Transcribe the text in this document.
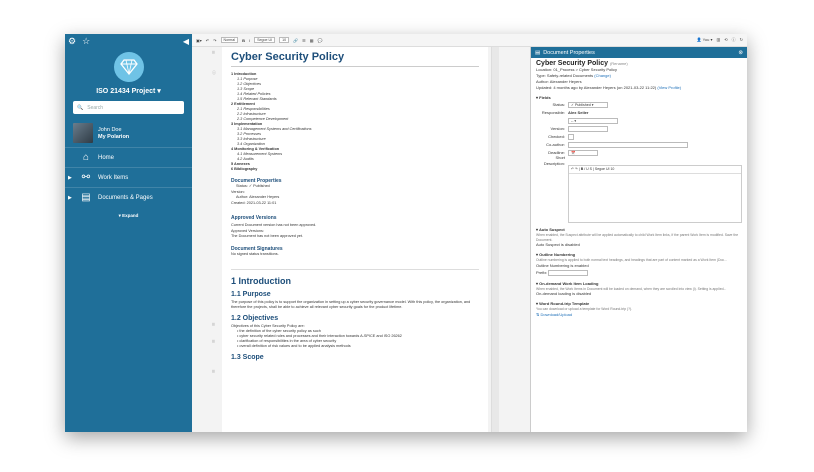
⚙ ☆	◀
ISO 21434 Project ▾
🔍 Search
John Doe
My Polarion
⌂	Home
▶ ⚯	Work Items
▶ ▤ Documents & Pages
▾ Expand
▣▾ ↶ ↷	Normal	B I	Segoe UI	10	🔗 ☰ ▦ 💬	👤 You ▾ ▥ ⟲ ⓘ ↻
⠿
ⓘ
⠿
⠿
⠿
Cyber Security Policy
1 Introduction
1.1 Purpose
1.2 Objectives
1.3 Scope
1.4 Related Policies
1.5 Relevant Standards
2 Entitlement
2.1 Responsibilities
2.2 Infrastructure
2.3 Competence Development
3 Implementation
3.1 Management Systems and Certifications
3.2 Processes
3.3 Infrastructure
3.4 Organization
4 Monitoring & Verification
4.1 Measurement Systems
4.2 Audits
5 Annexes
6 Bibliography
Document Properties
Status: ✓ Published
Version:
Author: Alexander Heyers
Created: 2021-03-22 11:01
Approved Versions
Current Document version has not been approved.
Approved Versions:
The Document has not been approved yet.
Document Signatures
No signed status transitions.
1 Introduction
1.1 Purpose
The purpose of this policy is to support the organization in setting up a cyber security governance model. With this policy, the organization, and therefore the projects, shall be able to achieve all relevant cyber security goals for the product lifetime.
1.2 Objectives
Objectives of this Cyber Security Policy are:
• the definition of the cyber security policy as such
• cyber security related rules and processes and their interaction towards A-SPICE and ISO 26262
• clarification of responsibilities in the area of cyber security
• overall definition of risk values and to be applied analysis methods
1.3 Scope
▤ Document Properties	⊗
Cyber Security Policy (Rename)
Location: 01_Process > Cyber Security Policy
Type: Safety-related Documents (Change)
Author: Alexander Heyers
Updated: 4 months ago by Alexander Heyers (on 2021-03-22 11:22) (View Profile)
▾ Fields
Status:	✓ Published ▾
Responsible: Alex Seiler
-- ▾
Version:
Checked:
Co-author:
Deadline:	📅
Short Description:
↶ ↷ | B I U S | Segoe UI 10
▾ Auto Suspect
When enabled, the Suspect attribute will be applied automatically to child Work Item links, if the parent Work Item is modified. Save the Document.
Auto Suspect is disabled
▾ Outline Numbering
Outline numbering is applied to both normal text headings, and headings that are part of content marked as a Work Item (Doc...
Outline Numbering is enabled
Prefix:

▾ On-demand Work Item Loading
When enabled, the Work Items in Document will be loaded on demand, when they are scrolled into view (i). Setting is applied...
On-demand loading is disabled
▾ Word Round-trip Template
You can download or upload a template for Word Round-trip (?).
⇅ Download/Upload
